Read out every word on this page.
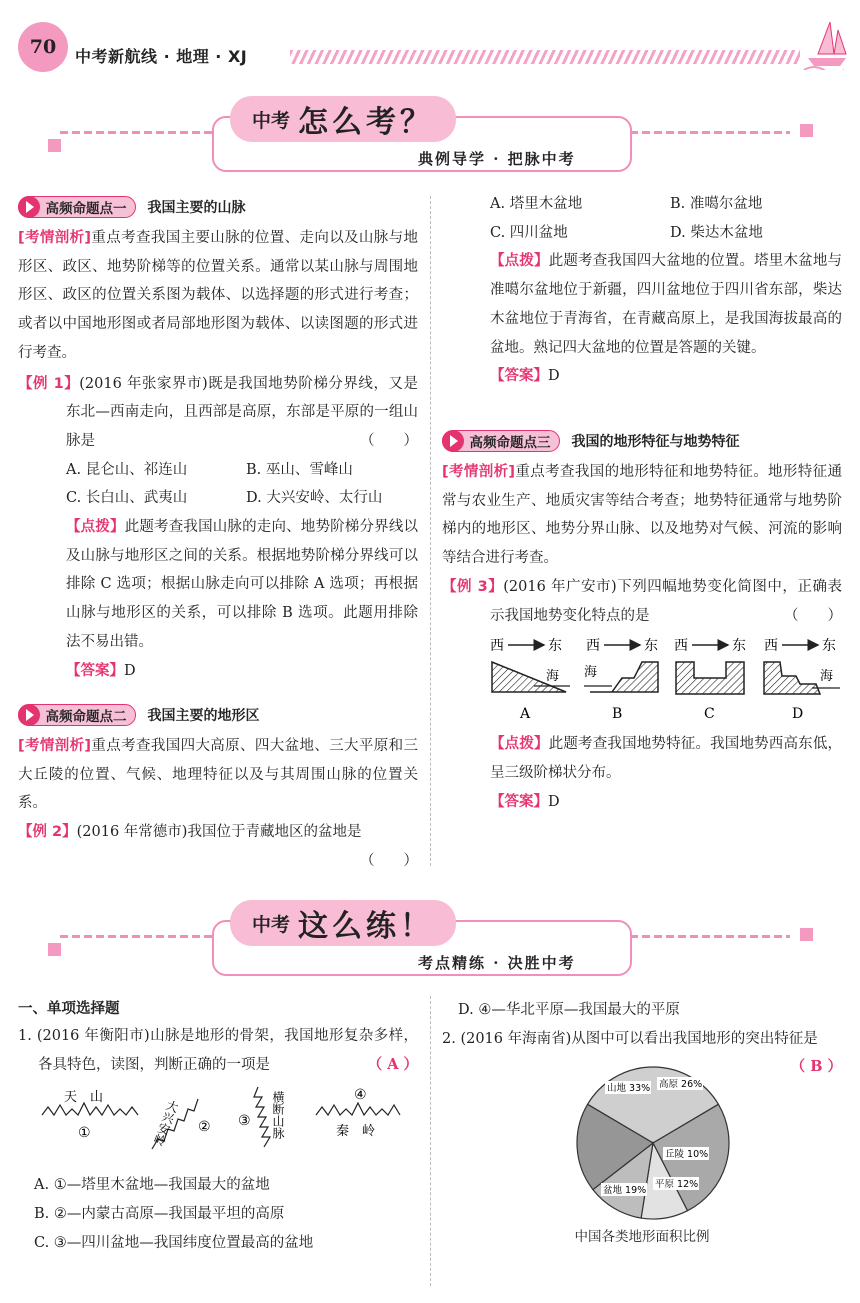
70	中考新航线 · 地理 · XJ
中考 怎么考？
典例导学 · 把脉中考
高频命题点一 我国主要的山脉
[考情剖析]重点考查我国主要山脉的位置、走向以及山脉与地形区、政区、地势阶梯等的位置关系。通常以某山脉与周围地形区、政区的位置关系图为载体、以选择题的形式进行考查；或者以中国地形图或者局部地形图为载体、以读图题的形式进行考查。
【例 1】(2016 年张家界市)既是我国地势阶梯分界线，又是东北—西南走向，且西部是高原，东部是平原的一组山脉是	（　　）
A. 昆仑山、祁连山	B. 巫山、雪峰山
C. 长白山、武夷山	D. 大兴安岭、太行山
【点拨】此题考查我国山脉的走向、地势阶梯分界线以及山脉与地形区之间的关系。根据地势阶梯分界线可以排除 C 选项；根据山脉走向可以排除 A 选项；再根据山脉与地形区的关系，可以排除 B 选项。此题用排除法不易出错。
【答案】D
高频命题点二 我国主要的地形区
[考情剖析]重点考查我国四大高原、四大盆地、三大平原和三大丘陵的位置、气候、地理特征以及与其周围山脉的位置关系。
【例 2】(2016 年常德市)我国位于青藏地区的盆地是
（　　）
A. 塔里木盆地	B. 准噶尔盆地
C. 四川盆地	D. 柴达木盆地
【点拨】此题考查我国四大盆地的位置。塔里木盆地与准噶尔盆地位于新疆，四川盆地位于四川省东部，柴达木盆地位于青海省，在青藏高原上，是我国海拔最高的盆地。熟记四大盆地的位置是答题的关键。
【答案】D
高频命题点三 我国的地形特征与地势特征
[考情剖析]重点考查我国的地形特征和地势特征。地形特征通常与农业生产、地质灾害等结合考查；地势特征通常与地势阶梯内的地形区、地势分界山脉、以及地势对气候、河流的影响等结合进行考查。
【例 3】(2016 年广安市)下列四幅地势变化简图中，正确表示我国地势变化特点的是	（　　）
西	东
海
A
西	东
海
B
西	东
C
西	东
海
D
【点拨】此题考查我国地势特征。我国地势西高东低，呈三级阶梯状分布。
【答案】D
中考 这么练！
考点精练 · 决胜中考
一、单项选择题
1. (2016 年衡阳市)山脉是地形的骨架，我国地形复杂多样，各具特色，读图，判断正确的一项是	（ A ）
天　山
①	大兴安岭 ② ③ 横断山脉	④
秦　岭
A. ①—塔里木盆地—我国最大的盆地
B. ②—内蒙古高原—我国最平坦的高原
C. ③—四川盆地—我国纬度位置最高的盆地
D. ④—华北平原—我国最大的平原
2. (2016 年海南省)从图中可以看出我国地形的突出特征是
（ B ）
山地 33% 高原 26%
丘陵 10%
平原 12%
盆地 19%
中国各类地形面积比例
